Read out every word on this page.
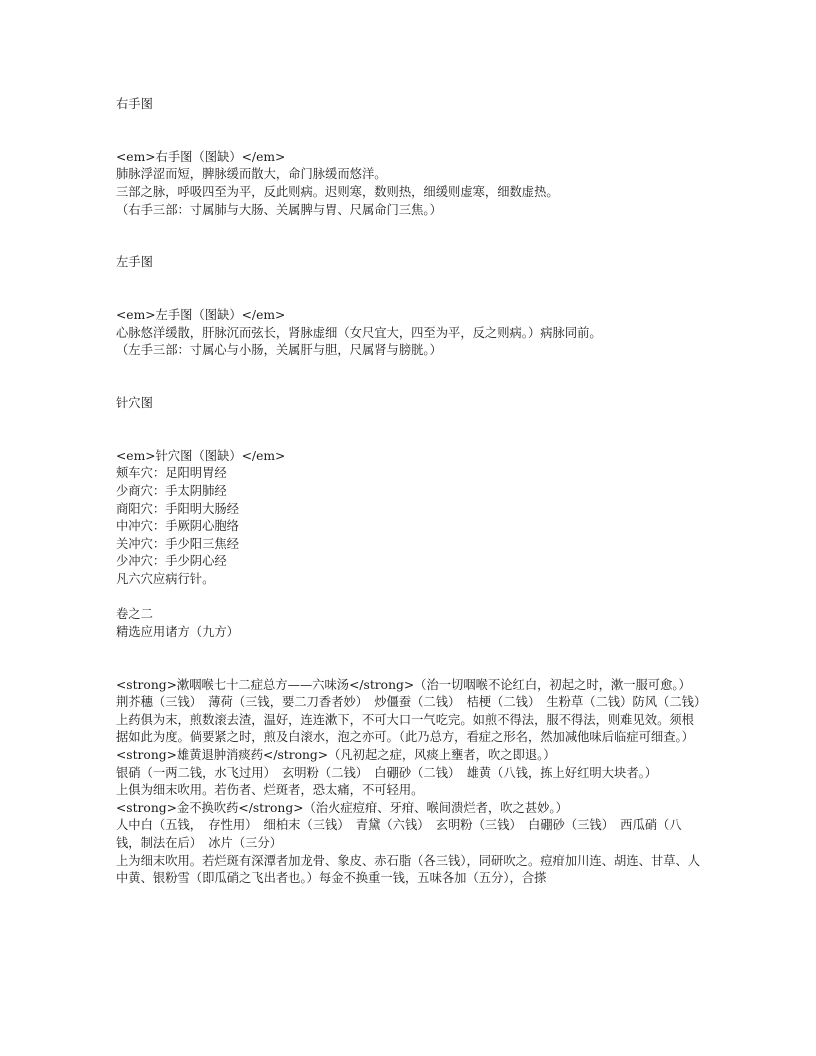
右手图
<em>右手图（图缺）</em>
肺脉浮涩而短，脾脉缓而散大，命门脉缓而悠洋。
三部之脉，呼吸四至为平，反此则病。迟则寒，数则热，细缓则虚寒，细数虚热。
（右手三部：寸属肺与大肠、关属脾与胃、尺属命门三焦。）
左手图
<em>左手图（图缺）</em>
心脉悠洋缓散，肝脉沉而弦长，肾脉虚细（女尺宜大，四至为平，反之则病。）病脉同前。
（左手三部：寸属心与小肠，关属肝与胆，尺属肾与膀胱。）
针穴图
<em>针穴图（图缺）</em>
颊车穴：足阳明胃经
少商穴：手太阴肺经
商阳穴：手阳明大肠经
中冲穴：手厥阴心胞络
关冲穴：手少阳三焦经
少冲穴：手少阴心经
凡六穴应病行针。
卷之二
精选应用诸方（九方）
<strong>漱咽喉七十二症总方——六味汤</strong>（治一切咽喉不论红白，初起之时，漱一服可愈。）
荆芥穗（三钱）　薄荷（三钱，要二刀香者妙）　炒僵蚕（二钱）　桔梗（二钱）　生粉草（二钱）防风（二钱）
上药俱为末，煎数滚去渣，温好，连连漱下，不可大口一气吃完。如煎不得法，服不得法，则难见效。须根据如此为度。倘要紧之时，煎及白滚水，泡之亦可。（此乃总方，看症之形名，然加减他味后临症可细查。）
<strong>雄黄退肿消痰药</strong>（凡初起之症，风痰上壅者，吹之即退。）
银硝（一两二钱，水飞过用）　玄明粉（二钱）　白硼砂（二钱）　雄黄（八钱，拣上好红明大块者。）
上俱为细末吹用。若伤者、烂斑者，恐太痛，不可轻用。
<strong>金不换吹药</strong>（治火症痘疳、牙疳、喉间溃烂者，吹之甚妙。）
人中白（五钱，　存性用）　细柏末（三钱）　青黛（六钱）　玄明粉（三钱）　白硼砂（三钱）　西瓜硝（八钱，制法在后）　冰片（三分）
上为细末吹用。若烂斑有深潭者加龙骨、象皮、赤石脂（各三钱），同研吹之。痘疳加川连、胡连、甘草、人中黄、银粉雪（即瓜硝之飞出者也。）每金不换重一钱，五味各加（五分），合搽
